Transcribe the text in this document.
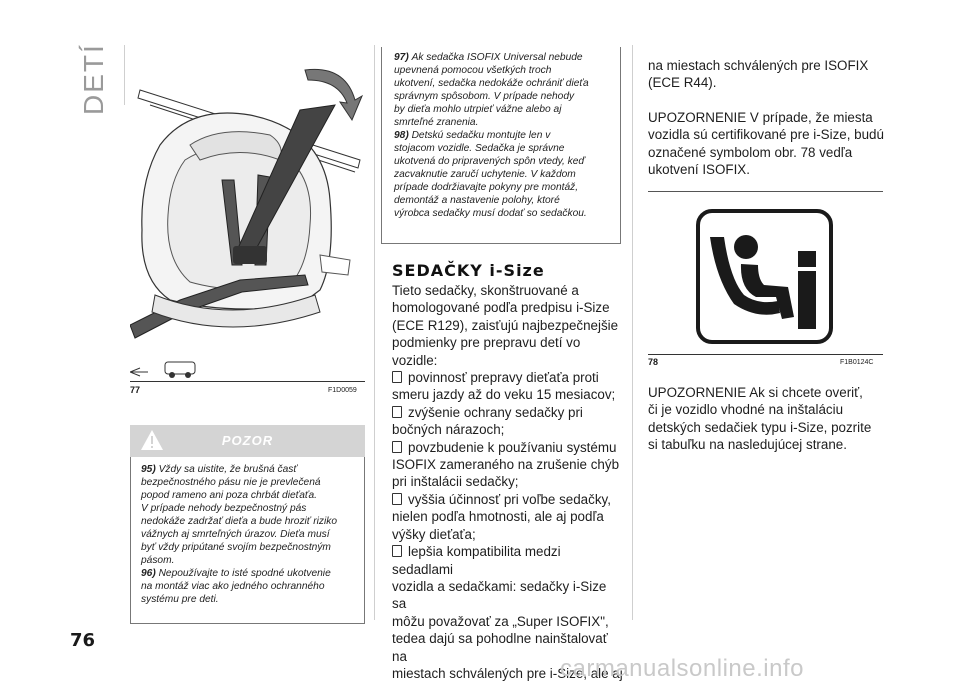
DETÍ
77	F1D0059
POZOR

95) Vždy sa uistite, že brušná časť
bezpečnostného pásu nie je prevlečená
popod rameno ani poza chrbát dieťaťa.
V prípade nehody bezpečnostný pás
nedokáže zadržať dieťa a bude hroziť riziko
vážnych aj smrteľných úrazov. Dieťa musí
byť vždy pripútané svojím bezpečnostným
pásom.

96) Nepoužívajte to isté spodné ukotvenie
na montáž viac ako jedného ochranného
systému pre deti.

97) Ak sedačka ISOFIX Universal nebude
upevnená pomocou všetkých troch
ukotvení, sedačka nedokáže ochrániť dieťa
správnym spôsobom. V prípade nehody
by dieťa mohlo utrpieť vážne alebo aj
smrteľné zranenia.

98) Detskú sedačku montujte len v
stojacom vozidle. Sedačka je správne
ukotvená do pripravených spôn vtedy, keď
zacvaknutie zaručí uchytenie. V každom
prípade dodržiavajte pokyny pre montáž,
demontáž a nastavenie polohy, ktoré
výrobca sedačky musí dodať so sedačkou.

SEDAČKY i-Size

Tieto sedačky, skonštruované a
homologované podľa predpisu i-Size
(ECE R129), zaisťujú najbezpečnejšie
podmienky pre prepravu detí vo
vozidle:

povinnosť prepravy dieťaťa proti
smeru jazdy až do veku 15 mesiacov;

zvýšenie ochrany sedačky pri
bočných nárazoch;

povzbudenie k používaniu systému
ISOFIX zameraného na zrušenie chýb
pri inštalácii sedačky;

vyššia účinnosť pri voľbe sedačky,
nielen podľa hmotnosti, ale aj podľa
výšky dieťaťa;

lepšia kompatibilita medzi sedadlami
vozidla a sedačkami: sedačky i-Size sa
môžu považovať za „Super ISOFIX",
tedea dajú sa pohodlne nainštalovať na
miestach schválených pre i-Size, ale aj

na miestach schválených pre ISOFIX
(ECE R44).

UPOZORNENIE V prípade, že miesta
vozidla sú certifikované pre i-Size, budú
označené symbolom obr. 78 vedľa
ukotvení ISOFIX.

78	F1B0124C

UPOZORNENIE Ak si chcete overiť,
či je vozidlo vhodné na inštaláciu
detských sedačiek typu i-Size, pozrite
si tabuľku na nasledujúcej strane.

76
carmanualsonline.info
